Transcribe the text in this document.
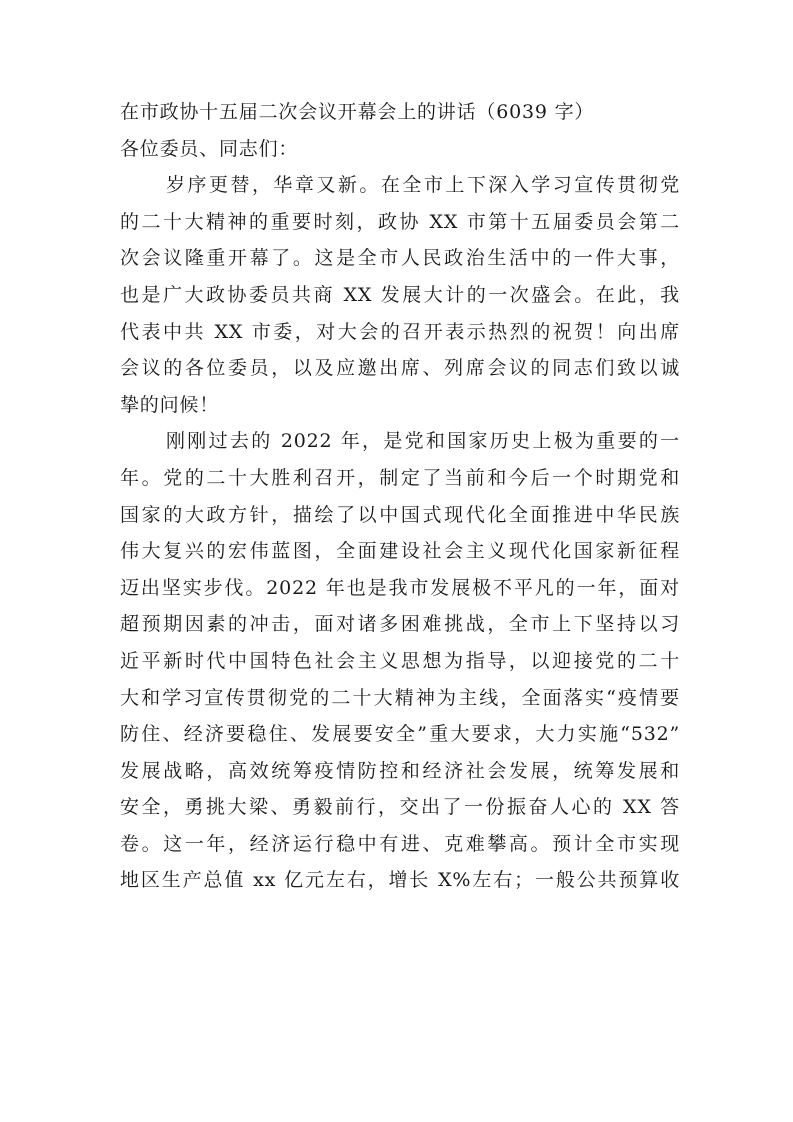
在市政协十五届二次会议开幕会上的讲话（6039 字）
各位委员、同志们：
岁序更替，华章又新。在全市上下深入学习宣传贯彻党
的二十大精神的重要时刻，政协 XX 市第十五届委员会第二
次会议隆重开幕了。这是全市人民政治生活中的一件大事，
也是广大政协委员共商 XX 发展大计的一次盛会。在此，我
代表中共 XX 市委，对大会的召开表示热烈的祝贺！向出席
会议的各位委员，以及应邀出席、列席会议的同志们致以诚
挚的问候！
刚刚过去的 2022 年，是党和国家历史上极为重要的一
年。党的二十大胜利召开，制定了当前和今后一个时期党和
国家的大政方针，描绘了以中国式现代化全面推进中华民族
伟大复兴的宏伟蓝图，全面建设社会主义现代化国家新征程
迈出坚实步伐。2022 年也是我市发展极不平凡的一年，面对
超预期因素的冲击，面对诸多困难挑战，全市上下坚持以习
近平新时代中国特色社会主义思想为指导，以迎接党的二十
大和学习宣传贯彻党的二十大精神为主线，全面落实“疫情要
防住、经济要稳住、发展要安全”重大要求，大力实施“532”
发展战略，高效统筹疫情防控和经济社会发展，统筹发展和
安全，勇挑大梁、勇毅前行，交出了一份振奋人心的 XX 答
卷。这一年，经济运行稳中有进、克难攀高。预计全市实现
地区生产总值 xx 亿元左右，增长 X%左右；一般公共预算收
